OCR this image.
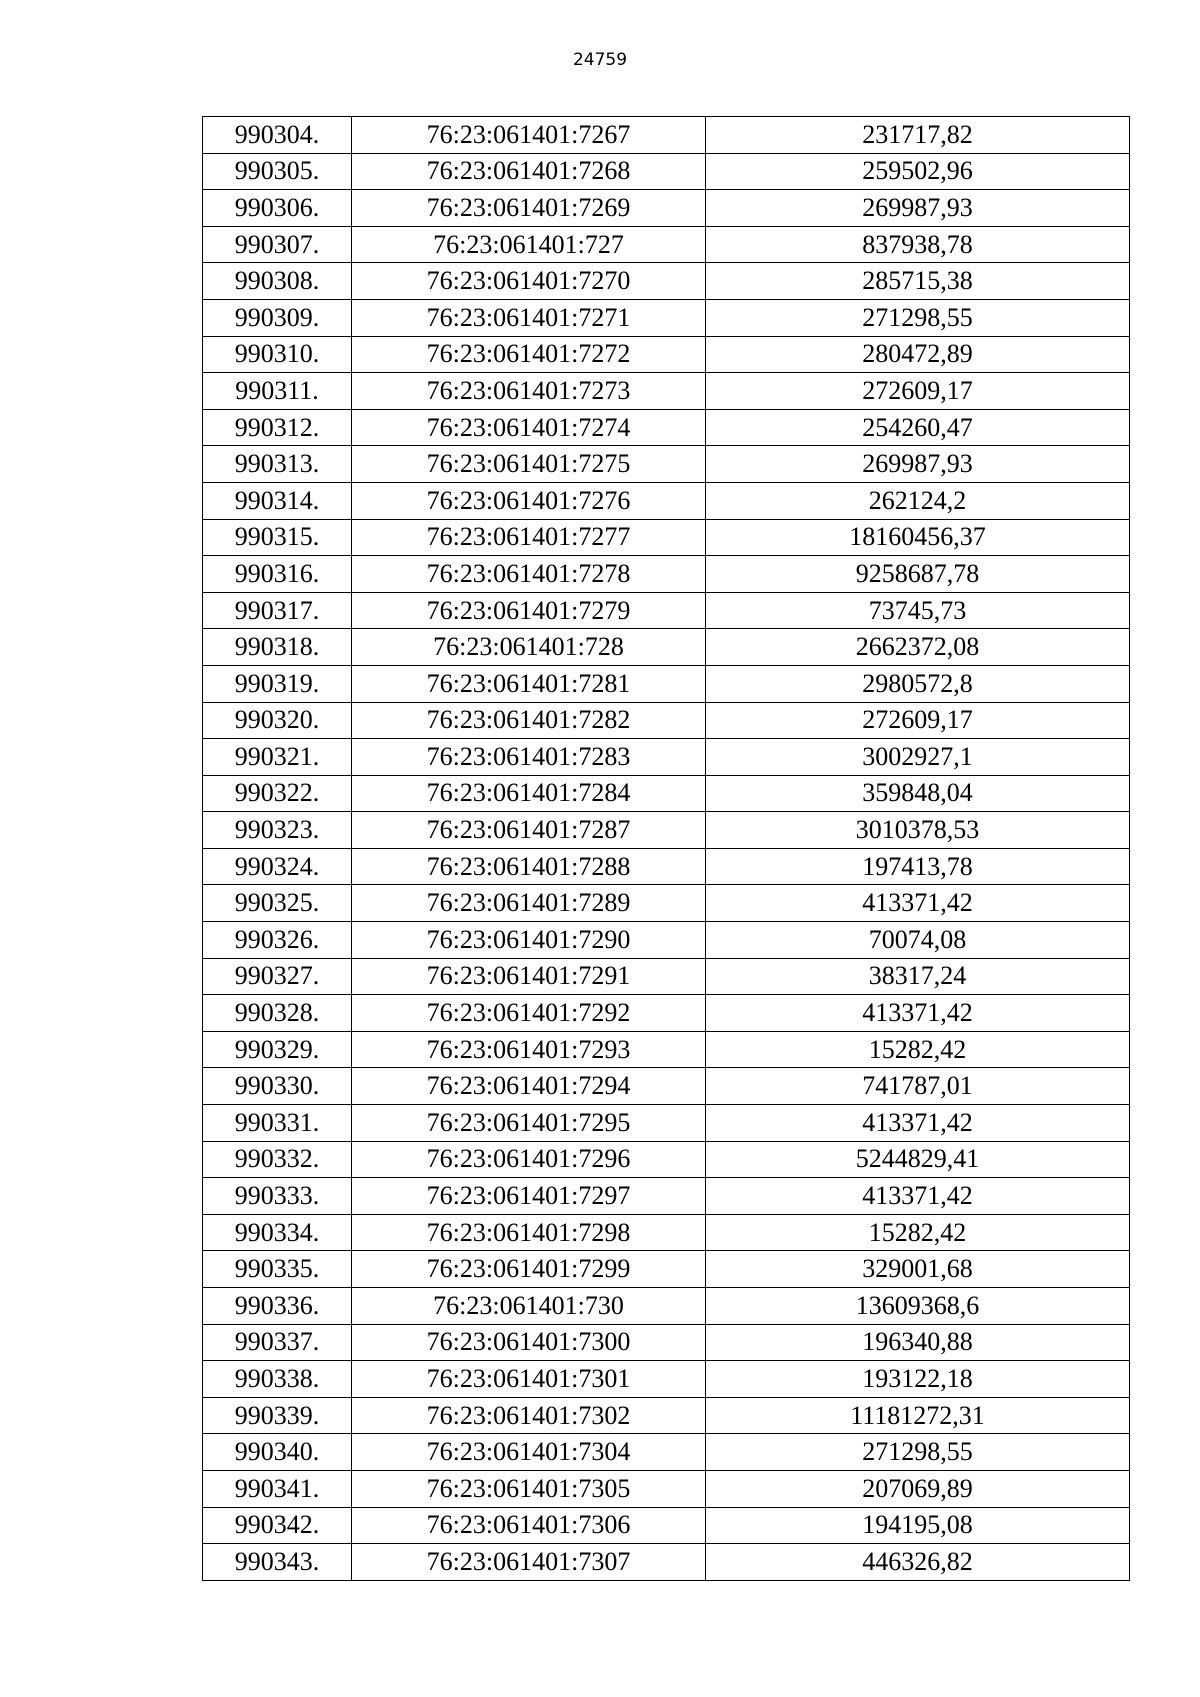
24759
990304.	76:23:061401:7267	231717,82
990305.	76:23:061401:7268	259502,96
990306.	76:23:061401:7269	269987,93
990307.	76:23:061401:727	837938,78
990308.	76:23:061401:7270	285715,38
990309.	76:23:061401:7271	271298,55
990310.	76:23:061401:7272	280472,89
990311.	76:23:061401:7273	272609,17
990312.	76:23:061401:7274	254260,47
990313.	76:23:061401:7275	269987,93
990314.	76:23:061401:7276	262124,2
990315.	76:23:061401:7277	18160456,37
990316.	76:23:061401:7278	9258687,78
990317.	76:23:061401:7279	73745,73
990318.	76:23:061401:728	2662372,08
990319.	76:23:061401:7281	2980572,8
990320.	76:23:061401:7282	272609,17
990321.	76:23:061401:7283	3002927,1
990322.	76:23:061401:7284	359848,04
990323.	76:23:061401:7287	3010378,53
990324.	76:23:061401:7288	197413,78
990325.	76:23:061401:7289	413371,42
990326.	76:23:061401:7290	70074,08
990327.	76:23:061401:7291	38317,24
990328.	76:23:061401:7292	413371,42
990329.	76:23:061401:7293	15282,42
990330.	76:23:061401:7294	741787,01
990331.	76:23:061401:7295	413371,42
990332.	76:23:061401:7296	5244829,41
990333.	76:23:061401:7297	413371,42
990334.	76:23:061401:7298	15282,42
990335.	76:23:061401:7299	329001,68
990336.	76:23:061401:730	13609368,6
990337.	76:23:061401:7300	196340,88
990338.	76:23:061401:7301	193122,18
990339.	76:23:061401:7302	11181272,31
990340.	76:23:061401:7304	271298,55
990341.	76:23:061401:7305	207069,89
990342.	76:23:061401:7306	194195,08
990343.	76:23:061401:7307	446326,82
